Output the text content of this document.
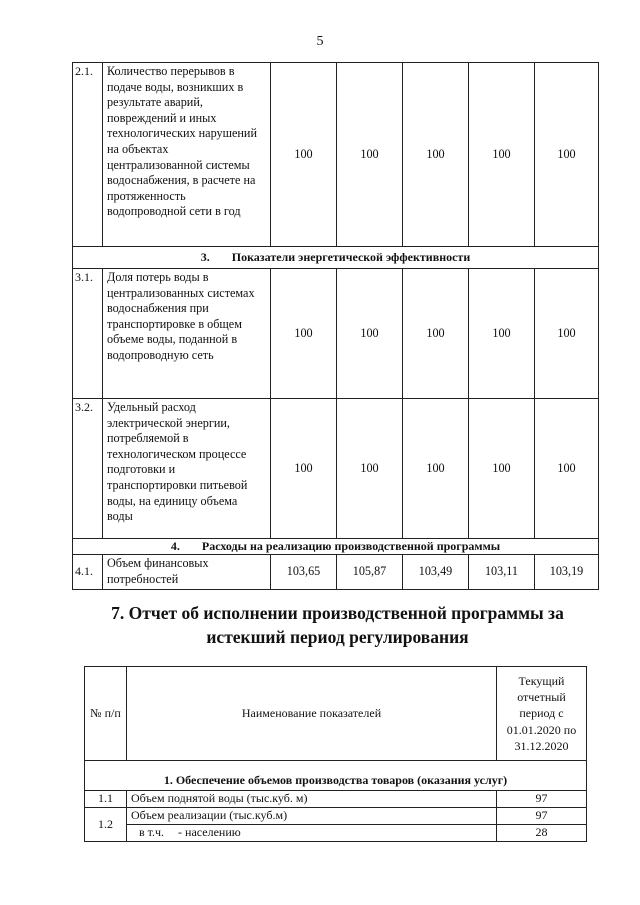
5
2.1.	Количество перерывов в подаче воды, возникших в результате аварий, повреждений и иных технологических нарушений на объектах централизованной системы водоснабжения, в расчете на протяженность водопроводной сети в год	100	100	100	100	100
3. Показатели энергетической эффективности						
3.1.	Доля потерь воды в централизованных системах водоснабжения при транспортировке в общем объеме воды, поданной в водопроводную сеть	100	100	100	100	100
3.2.	Удельный расход электрической энергии, потребляемой в технологическом процессе подготовки и транспортировки питьевой воды, на единицу объема воды	100	100	100	100	100
4. Расходы на реализацию производственной программы						
4.1.	Объем финансовых потребностей	103,65	105,87	103,49	103,11	103,19
7. Отчет об исполнении производственной программы за истекший период регулирования
№ п/п	Наименование показателей	Текущий отчетный период с 01.01.2020 по 31.12.2020
1. Обеспечение объемов производства товаров (оказания услуг)		
1.1	Объем поднятой воды (тыс.куб. м)	97
1.2	Объем реализации (тыс.куб.м)	97
	в т.ч. - населению	28
